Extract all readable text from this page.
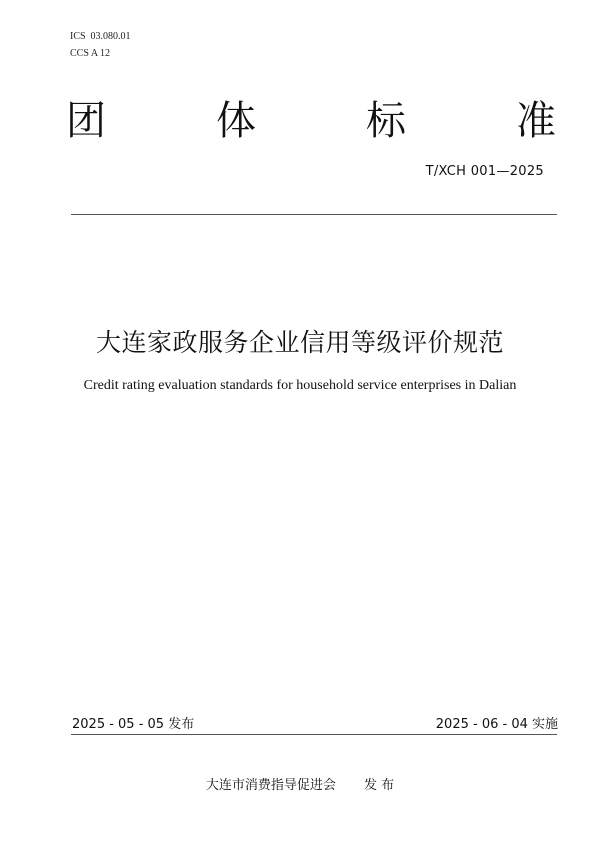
ICS  03.080.01
CCS A 12
团	体	标	准
T/XCH 001—2025
大连家政服务企业信用等级评价规范
Credit rating evaluation standards for household service enterprises in Dalian
2025 - 05 - 05 发布	2025 - 06 - 04 实施
大连市消费指导促进会 发 布
